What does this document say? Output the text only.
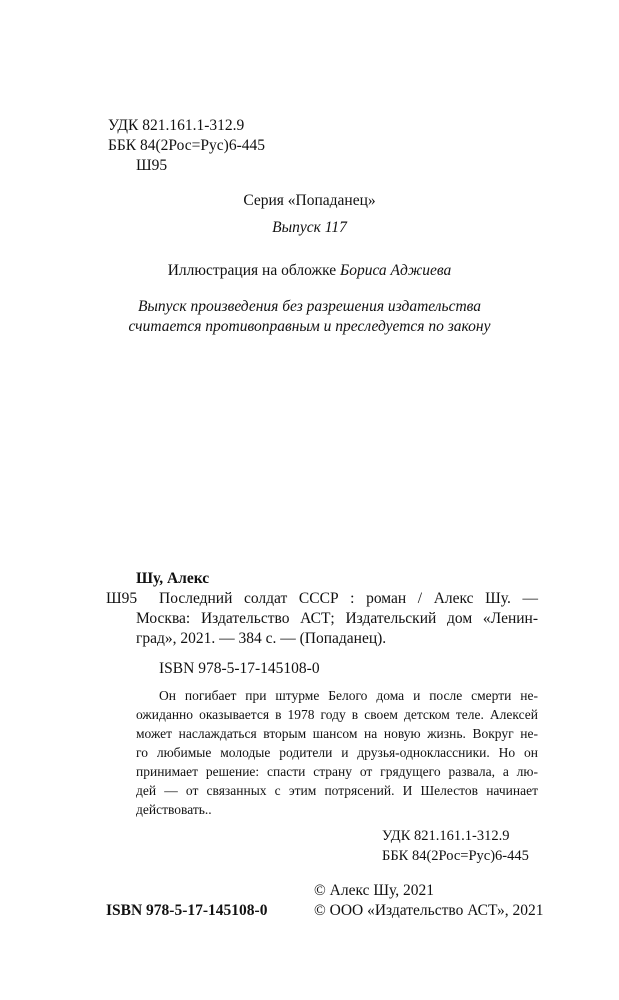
УДК 821.161.1-312.9
ББК 84(2Рос=Рус)6-445
Ш95
Серия «Попаданец»
Выпуск 117
Иллюстрация на обложке Бориса Аджиева
Выпуск произведения без разрешения издательства
считается противоправным и преследуется по закону
Шу, Алекс
Ш95 Последний солдат СССР : роман / Алекс Шу. —
Москва: Издательство АСТ; Издательский дом «Ленин-
град», 2021. — 384 с. — (Попаданец).
ISBN 978-5-17-145108-0
Он погибает при штурме Белого дома и после смерти не-
ожиданно оказывается в 1978 году в своем детском теле. Алексей
может наслаждаться вторым шансом на новую жизнь. Вокруг не-
го любимые молодые родители и друзья-одноклассники. Но он
принимает решение: спасти страну от грядущего развала, а лю-
дей — от связанных с этим потрясений. И Шелестов начинает
действовать..
УДК 821.161.1-312.9
ББК 84(2Рос=Рус)6-445
© Алекс Шу, 2021
ISBN 978-5-17-145108-0	© ООО «Издательство АСТ», 2021
